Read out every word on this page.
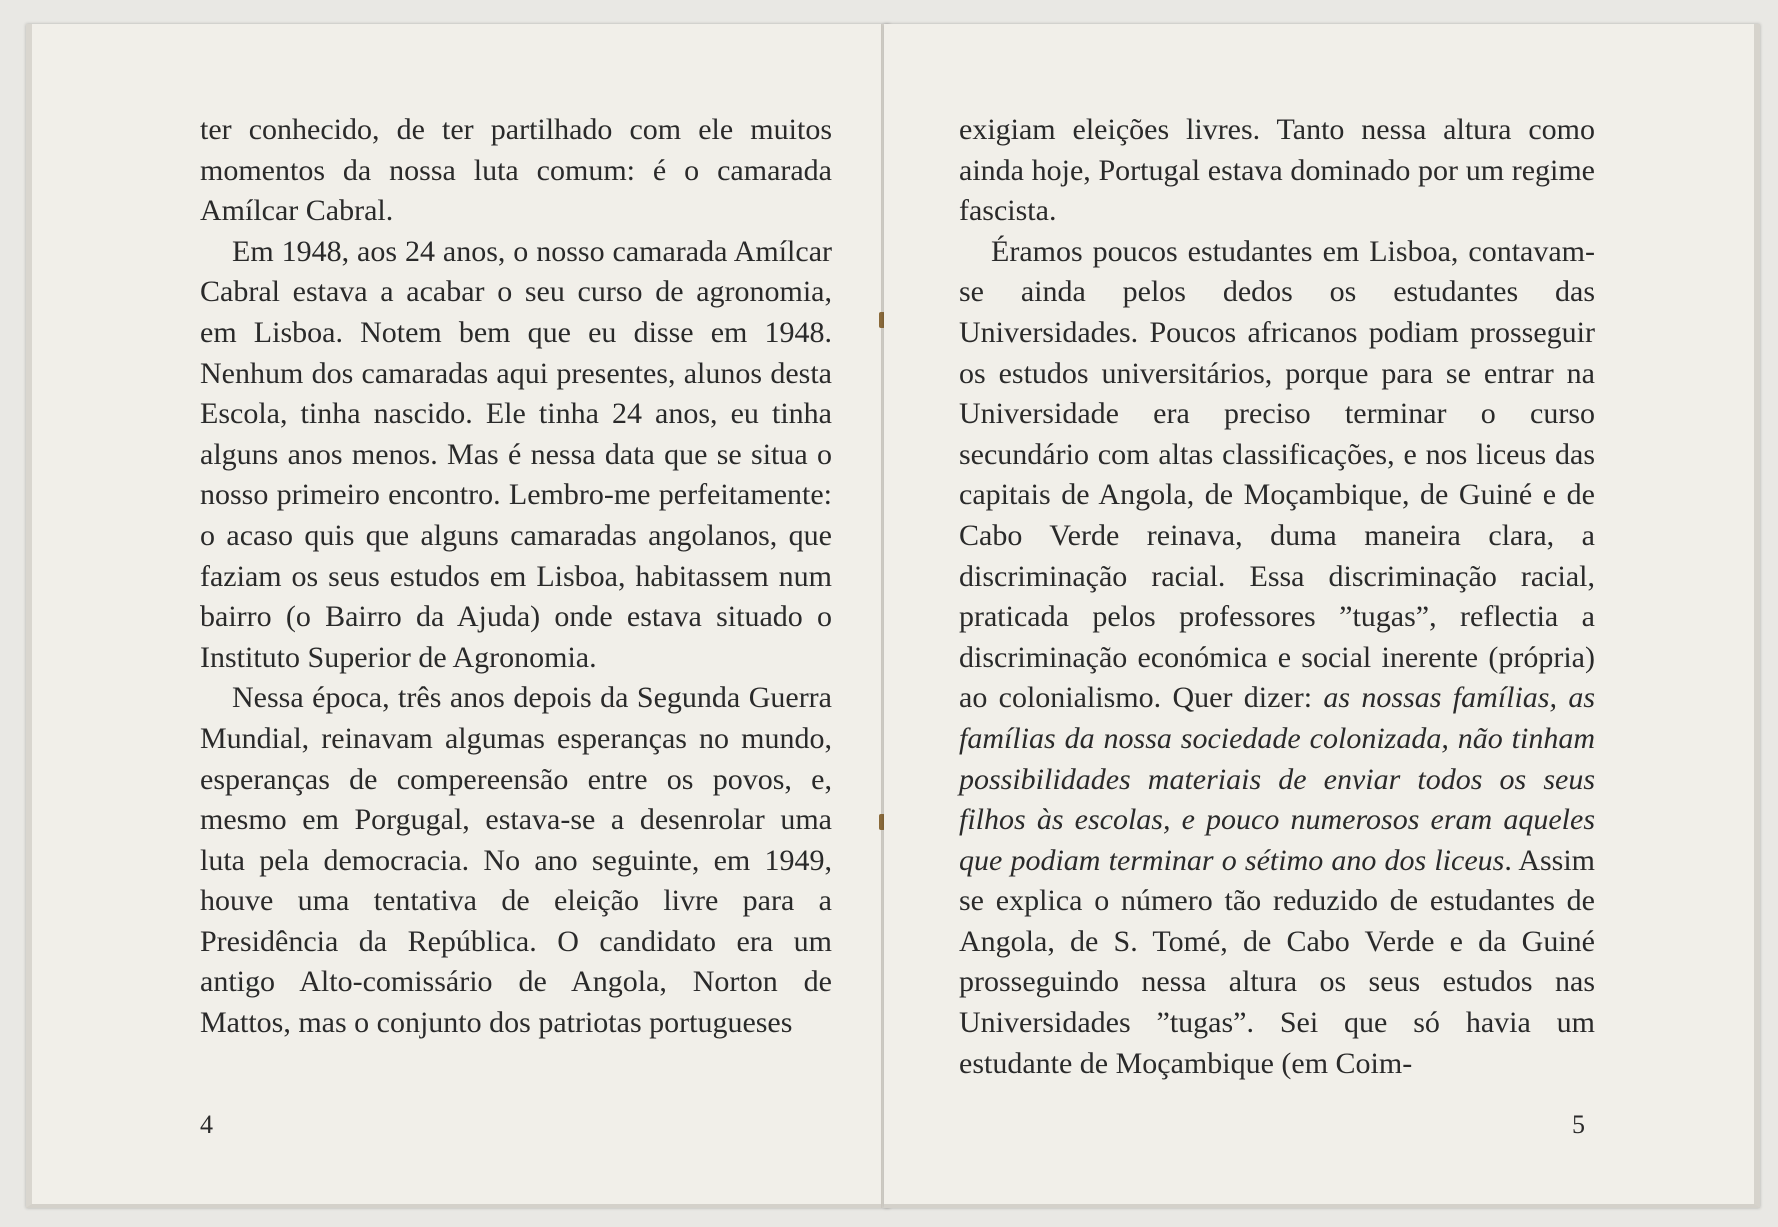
ter conhecido, de ter partilhado com ele muitos momentos da nossa luta comum: é o camarada Amílcar Cabral.

Em 1948, aos 24 anos, o nosso camarada Amílcar Cabral estava a acabar o seu curso de agronomia, em Lisboa. Notem bem que eu disse em 1948. Nenhum dos camaradas aqui presentes, alunos desta Escola, tinha nascido. Ele tinha 24 anos, eu tinha alguns anos menos. Mas é nessa data que se situa o nosso primeiro encontro. Lembro-me perfeitamente: o acaso quis que alguns camaradas angolanos, que faziam os seus estudos em Lisboa, habitassem num bairro (o Bairro da Ajuda) onde estava situado o Instituto Superior de Agronomia.

Nessa época, três anos depois da Segunda Guerra Mundial, reinavam algumas esperanças no mundo, esperanças de compereensão entre os povos, e, mesmo em Porgugal, estava-se a desenrolar uma luta pela democracia. No ano seguinte, em 1949, houve uma tentativa de eleição livre para a Presidência da República. O candidato era um antigo Alto-comissário de Angola, Norton de Mattos, mas o conjunto dos patriotas portugueses

4

exigiam eleições livres. Tanto nessa altura como ainda hoje, Portugal estava dominado por um regime fascista.

Éramos poucos estudantes em Lisboa, contavam-se ainda pelos dedos os estudantes das Universidades. Poucos africanos podiam prosseguir os estudos universitários, porque para se entrar na Universidade era preciso terminar o curso secundário com altas classificações, e nos liceus das capitais de Angola, de Moçambique, de Guiné e de Cabo Verde reinava, duma maneira clara, a discriminação racial. Essa discriminação racial, praticada pelos professores ”tugas”, reflectia a discriminação económica e social inerente (própria) ao colonialismo. Quer dizer: as nossas famílias, as famílias da nossa sociedade colonizada, não tinham possibilidades materiais de enviar todos os seus filhos às escolas, e pouco numerosos eram aqueles que podiam terminar o sétimo ano dos liceus. Assim se explica o número tão reduzido de estudantes de Angola, de S. Tomé, de Cabo Verde e da Guiné prosseguindo nessa altura os seus estudos nas Universidades ”tugas”. Sei que só havia um estudante de Moçambique (em Coim-

5
